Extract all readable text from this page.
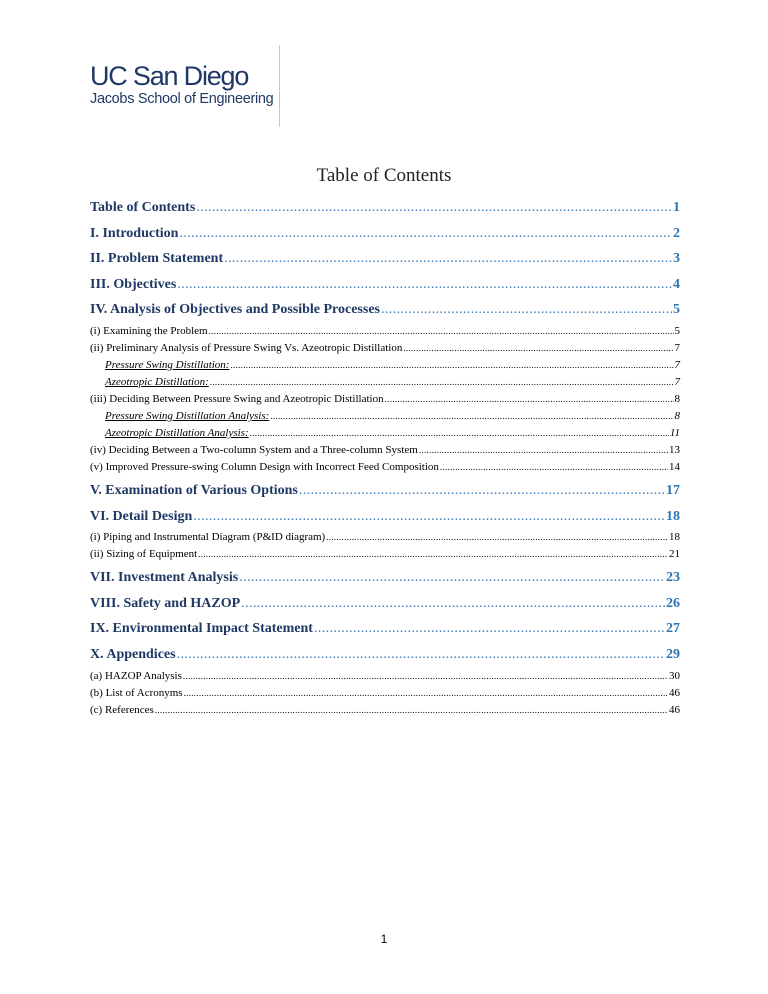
UC San Diego
Jacobs School of Engineering
Table of Contents
Table of Contents .....	1
I. Introduction .....	2
II. Problem Statement .....	3
III. Objectives .....	4
IV. Analysis of Objectives and Possible Processes .....	5
(i) Examining the Problem .....	5
(ii) Preliminary Analysis of Pressure Swing Vs. Azeotropic Distillation .....	7
Pressure Swing Distillation: .....	7
Azeotropic Distillation: .....	7
(iii) Deciding Between Pressure Swing and Azeotropic Distillation .....	8
Pressure Swing Distillation Analysis: .....	8
Azeotropic Distillation Analysis: .....	11
(iv) Deciding Between a Two-column System and a Three-column System .....	13
(v) Improved Pressure-swing Column Design with Incorrect Feed Composition .....	14
V. Examination of Various Options .....	17
VI. Detail Design .....	18
(i) Piping and Instrumental Diagram (P&ID diagram) .....	18
(ii) Sizing of Equipment .....	21
VII. Investment Analysis .....	23
VIII. Safety and HAZOP .....	26
IX. Environmental Impact Statement .....	27
X. Appendices .....	29
(a) HAZOP Analysis .....	30
(b) List of Acronyms .....	46
(c) References .....	46
1
